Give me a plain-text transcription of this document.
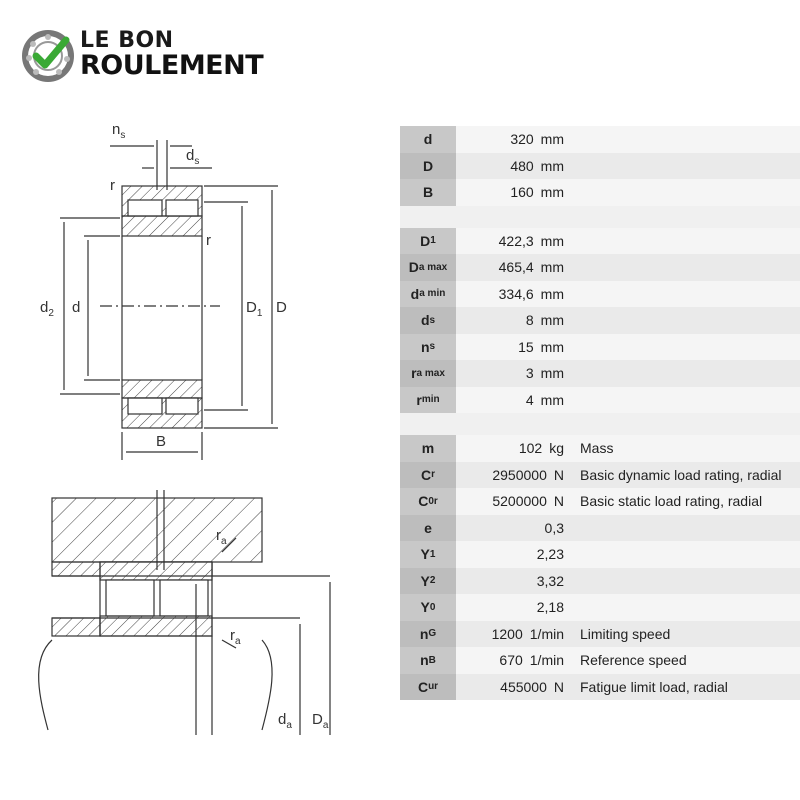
LE BON
ROULEMENT
$n_s$
$d_s$
r
r
$d_2$ d	$D_1$ D
B
$r_a$
$r_a$
$d_a$ $D_a$
d	320 mm
D	480 mm
B	160 mm
D 1	422,3 mm
D a max	465,4 mm
d a min	334,6 mm
d s	8 mm
n s	15 mm
r a max	3 mm
r min	4 mm
m	102 kg	Mass
C r	2950000 N	Basic dynamic load rating, radial
C 0r	5200000 N	Basic static load rating, radial
e	0,3
Y 1	2,23
Y 2	3,32
Y 0	2,18
n G	1200 1/min	Limiting speed
n B	670 1/min	Reference speed
C ur	455000 N	Fatigue limit load, radial
